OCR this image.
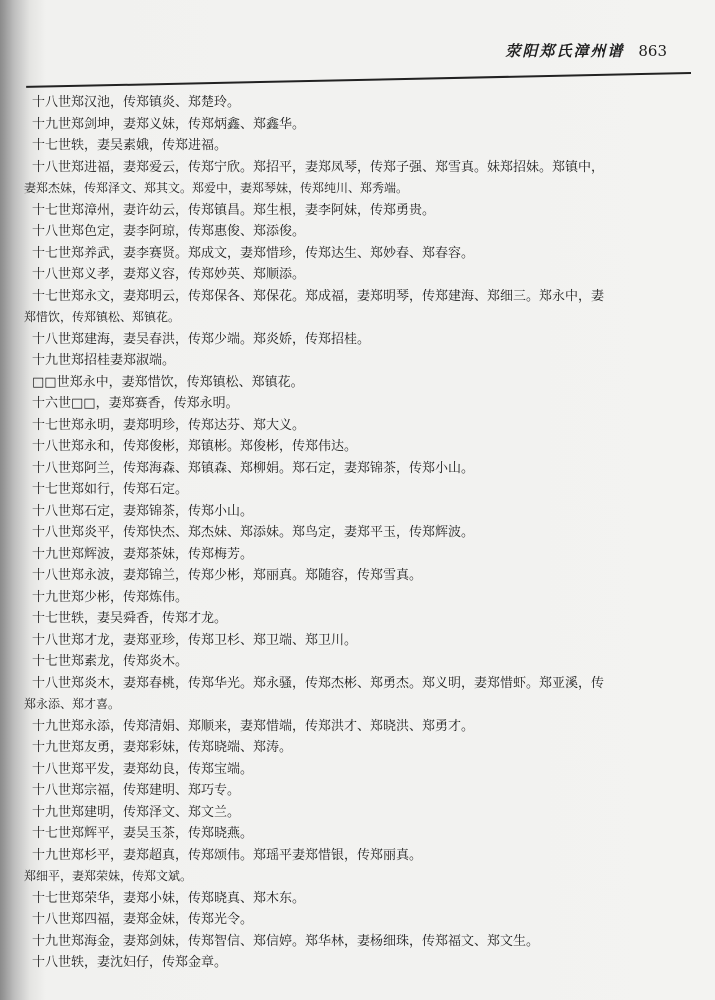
荥阳郑氏漳州谱 863
十八世郑汉池，传郑镇炎、郑楚玲。
十九世郑剑坤，妻郑义妹，传郑炳鑫、郑鑫华。
十七世轶，妻吴素娥，传郑进福。
十八世郑进福，妻郑爱云，传郑宁欣。郑招平，妻郑凤琴，传郑子强、郑雪真。妹郑招妹。郑镇中，
妻郑杰妹，传郑泽文、郑其文。郑爱中，妻郑琴妹，传郑纯川、郑秀端。
十七世郑漳州，妻许幼云，传郑镇昌。郑生根，妻李阿妹，传郑勇贵。
十八世郑色定，妻李阿琼，传郑惠俊、郑添俊。
十七世郑养武，妻李赛贤。郑成文，妻郑惜珍，传郑达生、郑妙春、郑春容。
十八世郑义孝，妻郑义容，传郑妙英、郑顺添。
十七世郑永文，妻郑明云，传郑保各、郑保花。郑成福，妻郑明琴，传郑建海、郑细三。郑永中，妻
郑惜饮，传郑镇松、郑镇花。
十八世郑建海，妻吴春洪，传郑少端。郑炎娇，传郑招桂。
十九世郑招桂妻郑淑端。
□□世郑永中，妻郑惜饮，传郑镇松、郑镇花。
十六世□□，妻郑赛香，传郑永明。
十七世郑永明，妻郑明珍，传郑达芬、郑大义。
十八世郑永和，传郑俊彬，郑镇彬。郑俊彬，传郑伟达。
十八世郑阿兰，传郑海森、郑镇森、郑柳娟。郑石定，妻郑锦茶，传郑小山。
十七世郑如行，传郑石定。
十八世郑石定，妻郑锦茶，传郑小山。
十八世郑炎平，传郑快杰、郑杰妹、郑添妹。郑鸟定，妻郑平玉，传郑辉波。
十九世郑辉波，妻郑茶妹，传郑梅芳。
十八世郑永波，妻郑锦兰，传郑少彬，郑丽真。郑随容，传郑雪真。
十九世郑少彬，传郑炼伟。
十七世轶，妻吴舜香，传郑才龙。
十八世郑才龙，妻郑亚珍，传郑卫杉、郑卫端、郑卫川。
十七世郑素龙，传郑炎木。
十八世郑炎木，妻郑春桃，传郑华光。郑永骚，传郑杰彬、郑勇杰。郑义明，妻郑惜虾。郑亚溪，传
郑永添、郑才喜。
十九世郑永添，传郑清娟、郑顺来，妻郑惜端，传郑洪才、郑晓洪、郑勇才。
十九世郑友勇，妻郑彩妹，传郑晓端、郑涛。
十八世郑平发，妻郑幼良，传郑宝端。
十八世郑宗福，传郑建明、郑巧专。
十九世郑建明，传郑泽文、郑文兰。
十七世郑辉平，妻吴玉茶，传郑晓燕。
十九世郑杉平，妻郑超真，传郑颂伟。郑瑶平妻郑惜银，传郑丽真。
郑细平，妻郑荣妹，传郑文斌。
十七世郑荣华，妻郑小妹，传郑晓真、郑木东。
十八世郑四福，妻郑金妹，传郑光令。
十九世郑海金，妻郑剑妹，传郑智信、郑信婷。郑华林，妻杨细珠，传郑福文、郑文生。
十八世轶，妻沈妇仔，传郑金章。
